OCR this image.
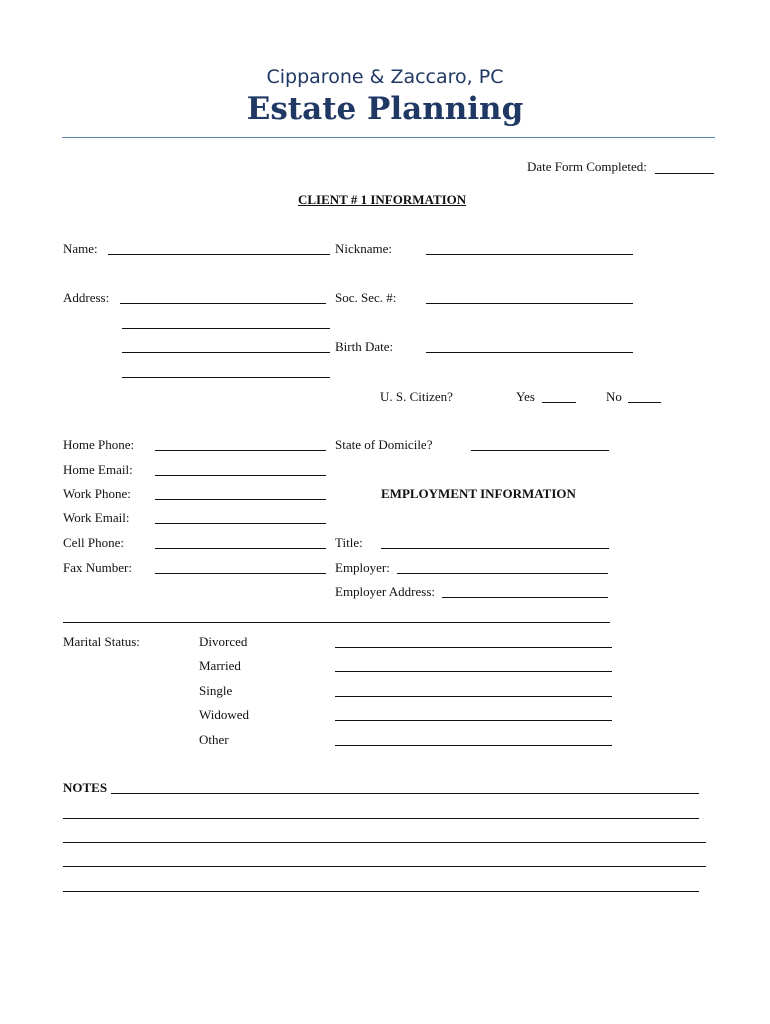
Cipparone & Zaccaro, PC
Estate Planning
Date Form Completed:
CLIENT # 1 INFORMATION
Name:	Nickname:
Address:	Soc. Sec. #:
Birth Date:
U. S. Citizen?	Yes	No
Home Phone:	State of Domicile?
Home Email:
Work Phone:	EMPLOYMENT INFORMATION
Work Email:
Cell Phone:	Title:
Fax Number:	Employer:
Employer Address:
Marital Status:	Divorced
Married
Single
Widowed
Other
NOTES
